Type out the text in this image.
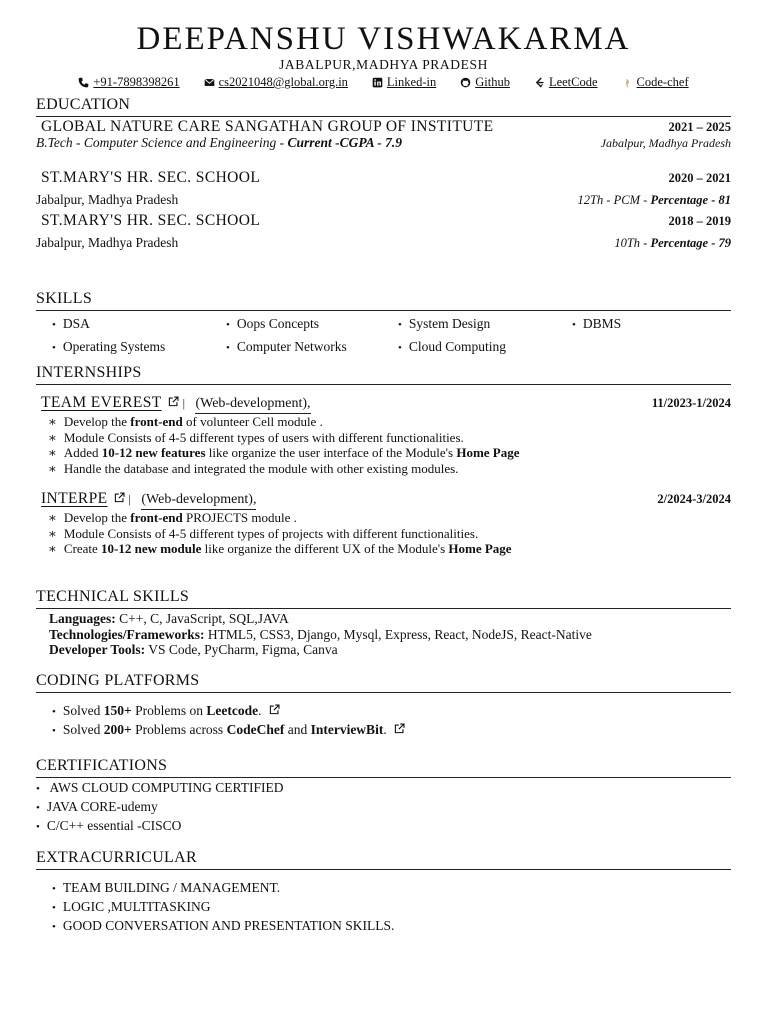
DEEPANSHU VISHWAKARMA

JABALPUR,MADHYA PRADESH

+91-7898398261	cs2021048@global.org.in	Linked-in	Github	LeetCode	Code-chef
EDUCATION
GLOBAL NATURE CARE SANGATHAN GROUP OF INSTITUTE	2021 – 2025
B.Tech - Computer Science and Engineering - Current -CGPA - 7.9	Jabalpur, Madhya Pradesh
ST.MARY'S HR. SEC. SCHOOL	2020 – 2021
Jabalpur, Madhya Pradesh	12Th - PCM - Percentage - 81
ST.MARY'S HR. SEC. SCHOOL	2018 – 2019
Jabalpur, Madhya Pradesh	10Th - Percentage - 79
SKILLS
• DSA	• Oops Concepts	• System Design	• DBMS
• Operating Systems	• Computer Networks	• Cloud Computing
INTERNSHIPS
TEAM EVEREST | (Web-development),	11/2023-1/2024
∗ Develop the front-end of volunteer Cell module .
∗ Module Consists of 4-5 different types of users with different functionalities.
∗ Added 10-12 new features like organize the user interface of the Module's Home Page
∗ Handle the database and integrated the module with other existing modules.
INTERPE | (Web-development),	2/2024-3/2024
∗ Develop the front-end PROJECTS module .
∗ Module Consists of 4-5 different types of projects with different functionalities.
∗ Create 10-12 new module like organize the different UX of the Module's Home Page
TECHNICAL SKILLS
Languages: C++, C, JavaScript, SQL,JAVA
Technologies/Frameworks: HTML5, CSS3, Django, Mysql, Express, React, NodeJS, React-Native
Developer Tools: VS Code, PyCharm, Figma, Canva
CODING PLATFORMS
• Solved 150+ Problems on Leetcode.
• Solved 200+ Problems across CodeChef and InterviewBit.
CERTIFICATIONS
• AWS CLOUD COMPUTING CERTIFIED
• JAVA CORE-udemy
• C/C++ essential -CISCO
EXTRACURRICULAR
• TEAM BUILDING / MANAGEMENT.
• LOGIC ,MULTITASKING
• GOOD CONVERSATION AND PRESENTATION SKILLS.
